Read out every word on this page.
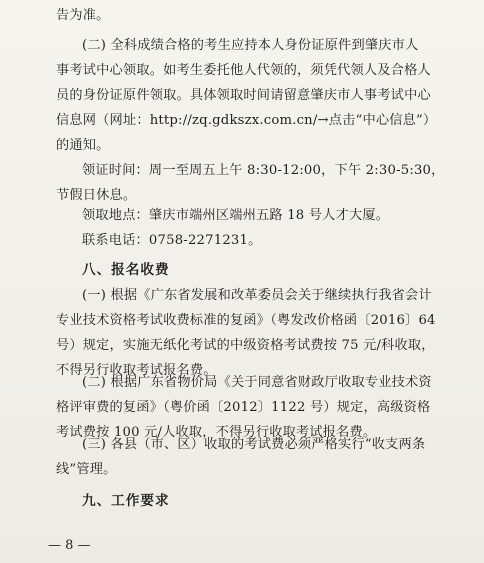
告为准。
(二) 全科成绩合格的考生应持本人身份证原件到肇庆市人
事考试中心领取。如考生委托他人代领的，须凭代领人及合格人
员的身份证原件领取。具体领取时间请留意肇庆市人事考试中心
信息网（网址：http://zq.gdkszx.com.cn/→点击“中心信息”）
的通知。
领证时间：周一至周五上午 8:30-12:00，下午 2:30-5:30，
节假日休息。
领取地点：肇庆市端州区端州五路 18 号人才大厦。
联系电话：0758-2271231。
八、报名收费
(一) 根据《广东省发展和改革委员会关于继续执行我省会计
专业技术资格考试收费标准的复函》（粤发改价格函〔2016〕64
号）规定，实施无纸化考试的中级资格考试费按 75 元/科收取，
不得另行收取考试报名费。
(二) 根据广东省物价局《关于同意省财政厅收取专业技术资
格评审费的复函》（粤价函〔2012〕1122 号）规定，高级资格
考试费按 100 元/人收取，不得另行收取考试报名费。
(三) 各县（市、区）收取的考试费必须严格实行“收支两条
线”管理。
九、工作要求
— 8 —
